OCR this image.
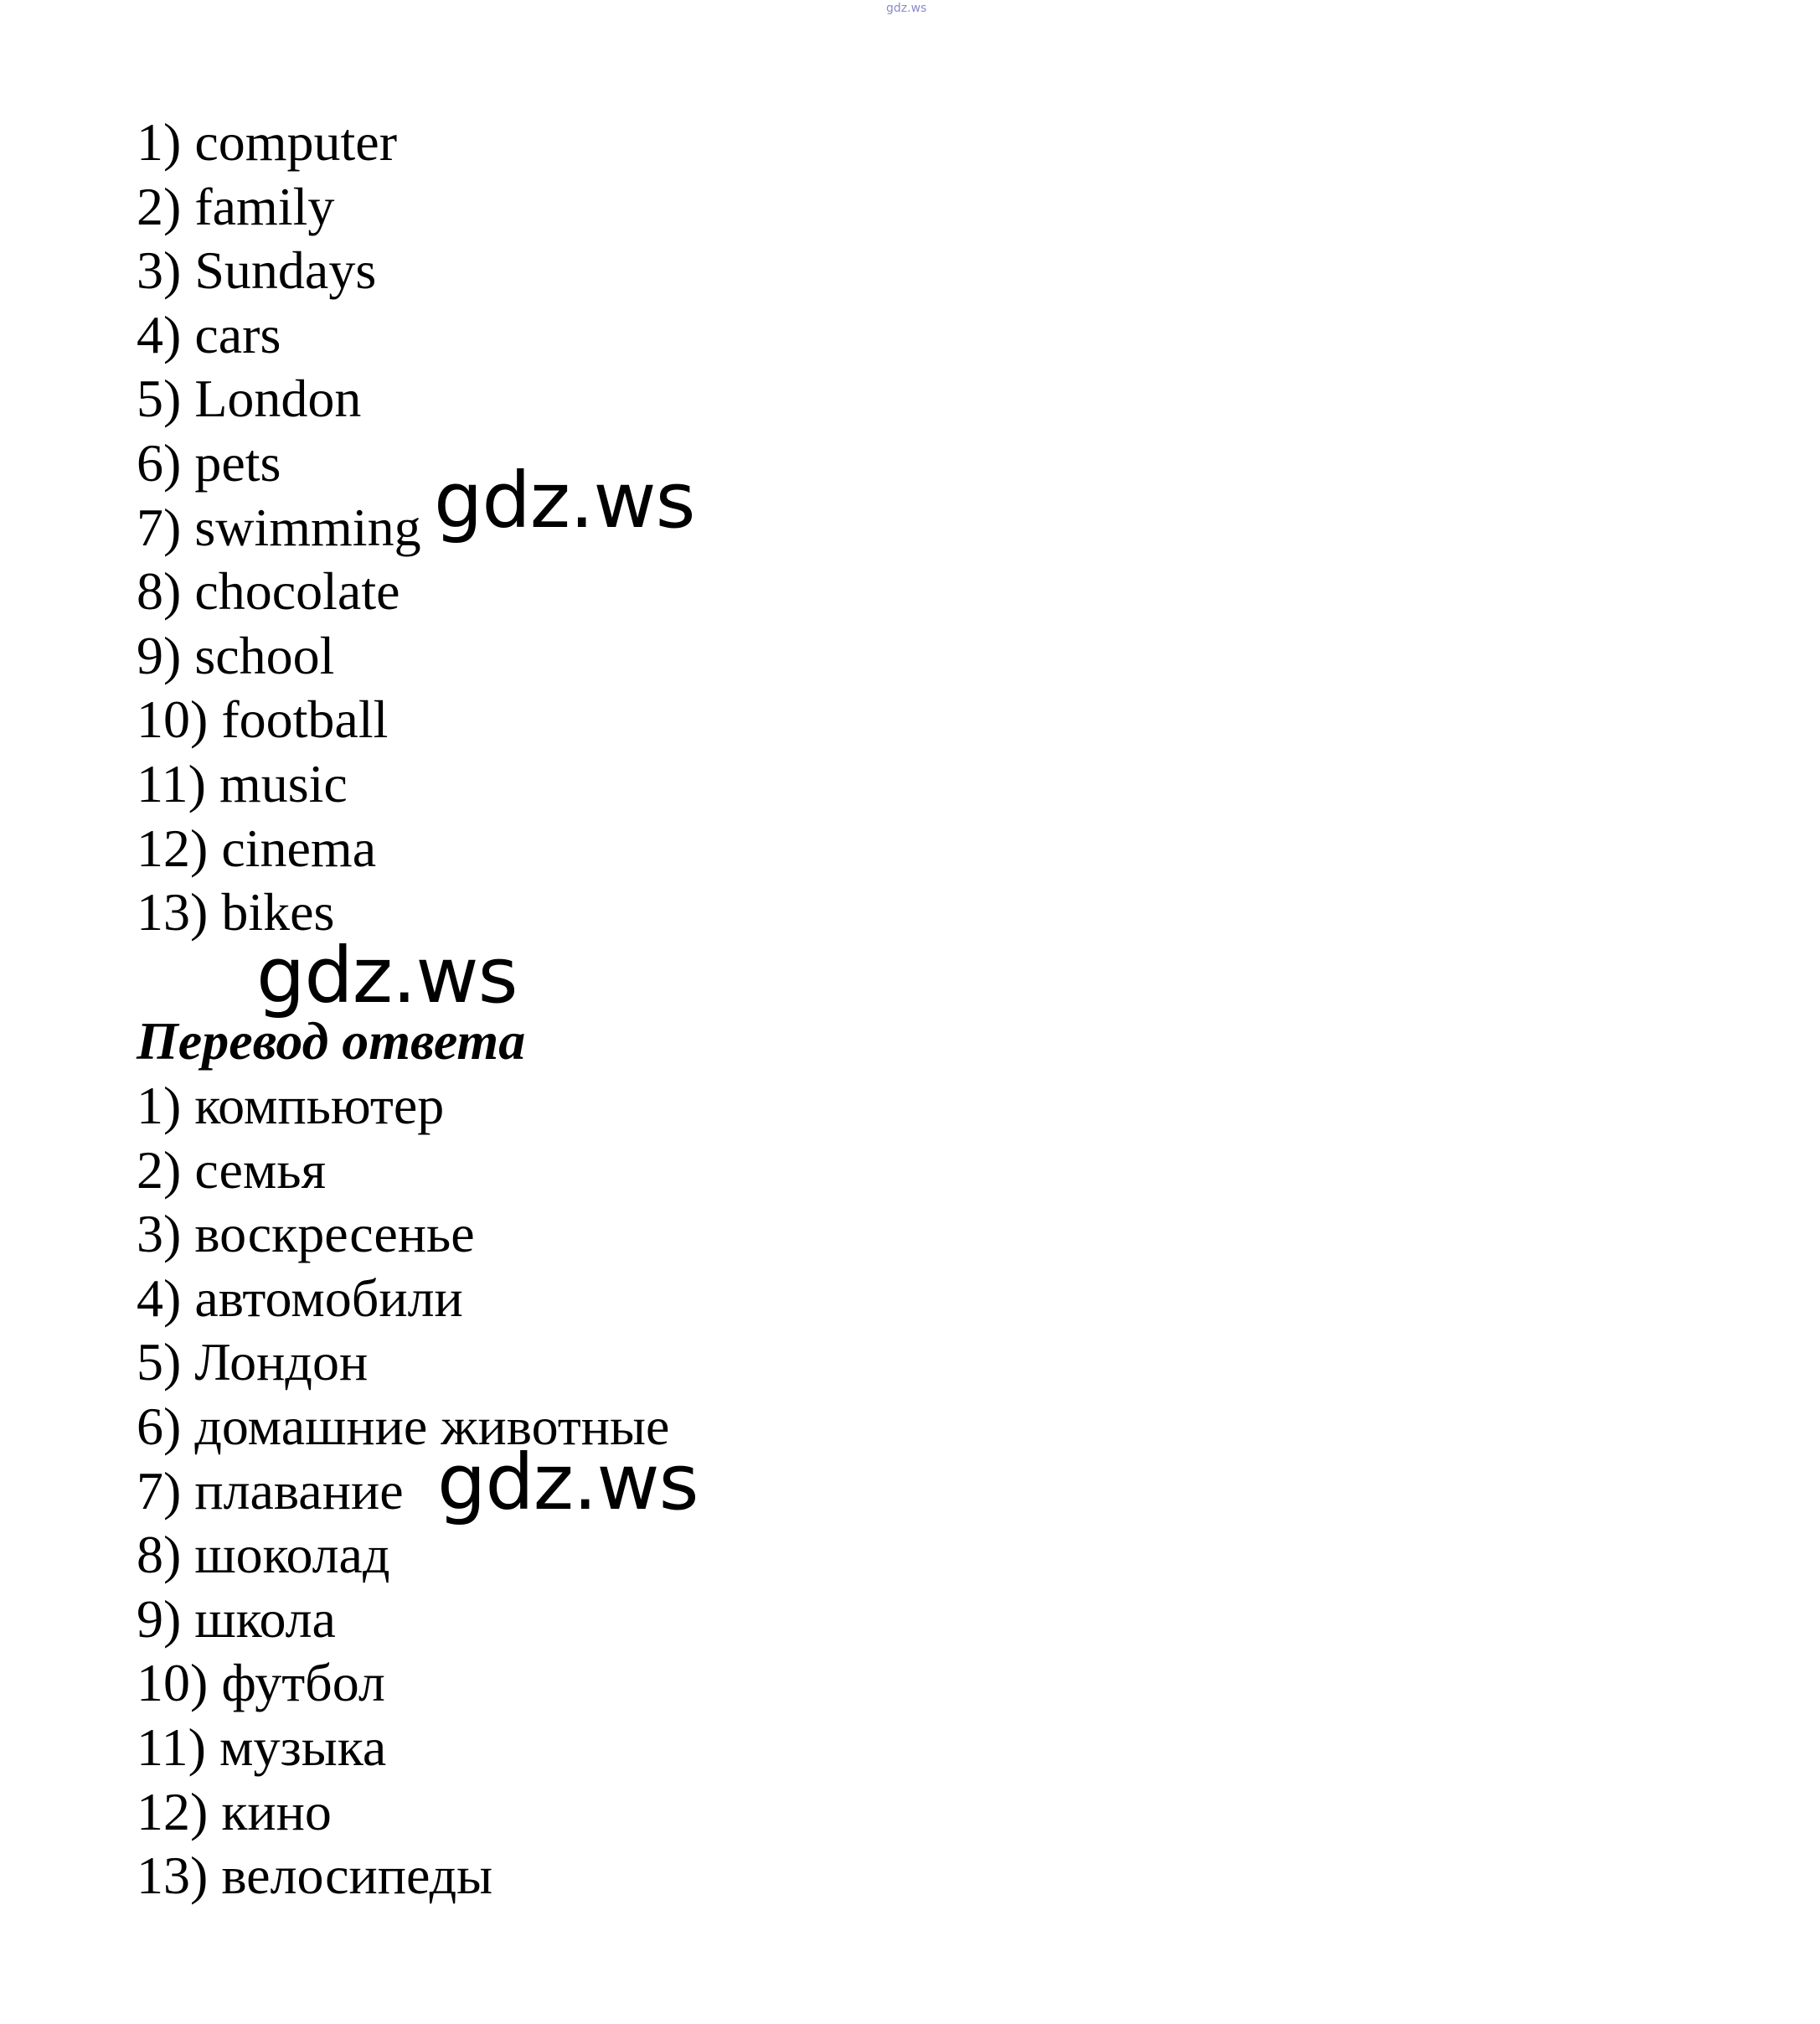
gdz.ws
1) computer
2) family
3) Sundays
4) cars
5) London
6) pets
7) swimming
8) chocolate
9) school
10) football
11) music
12) cinema
13) bikes
Перевод ответа
1) компьютер
2) семья
3) воскресенье
4) автомобили
5) Лондон
6) домашние животные
7) плавание
8) шоколад
9) школа
10) футбол
11) музыка
12) кино
13) велосипеды
gdz.ws
gdz.ws
gdz.ws
